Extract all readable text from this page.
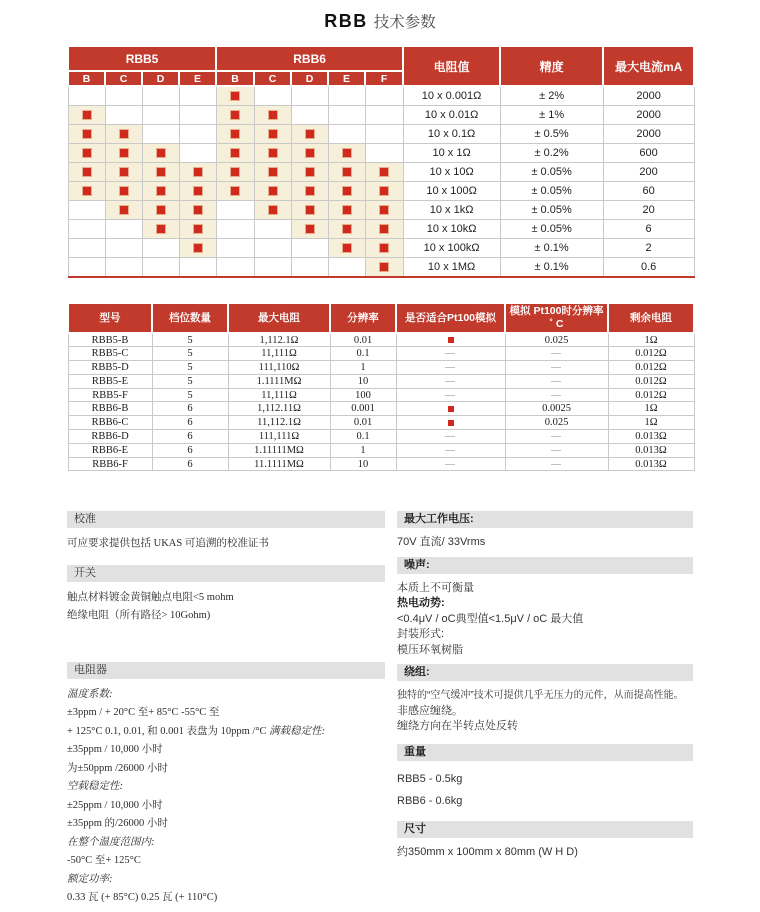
RBB 技术参数
RBB5				RBB6					电阻值	精度	最大电流mA
B	C	D	E	B	C	D	E	F			
									10 x 0.001Ω	± 2%	2000
									10 x 0.01Ω	± 1%	2000
									10 x 0.1Ω	± 0.5%	2000
									10 x 1Ω	± 0.2%	600
									10 x 10Ω	± 0.05%	200
									10 x 100Ω	± 0.05%	60
									10 x 1kΩ	± 0.05%	20
									10 x 10kΩ	± 0.05%	6
									10 x 100kΩ	± 0.1%	2
									10 x 1MΩ	± 0.1%	0.6
型号	档位数量	最大电阻	分辨率	是否适合Pt100模拟	模拟 Pt100时分辨率˚ C	剩余电阻
RBB5-B	5	1,112.1Ω	0.01		0.025	1Ω
RBB5-C	5	11,111Ω	0.1	—	—	0.012Ω
RBB5-D	5	111,110Ω	1	—	—	0.012Ω
RBB5-E	5	1.1111MΩ	10	—	—	0.012Ω
RBB5-F	5	11,111Ω	100	—	—	0.012Ω
RBB6-B	6	1,112.11Ω	0.001		0.0025	1Ω
RBB6-C	6	11,112.1Ω	0.01		0.025	1Ω
RBB6-D	6	111,111Ω	0.1	—	—	0.013Ω
RBB6-E	6	1.11111MΩ	1	—	—	0.013Ω
RBB6-F	6	11.1111MΩ	10	—	—	0.013Ω
校准

可应要求提供包括 UKAS 可追溯的校准证书

开关

触点材料镀金黄铜触点电阻<5 mohm

绝缘电阻（所有路径> 10Gohm)

电阻器

温度系数:

±3ppm / + 20°C 至+ 85°C -55°C 至

+ 125°C 0.1, 0.01, 和 0.001 表盘为 10ppm /°C 满载稳定性:

±35ppm / 10,000 小时

为±50ppm /26000 小时

空载稳定性:

±25ppm / 10,000 小时

±35ppm 的/26000 小时

在整个温度范围内:

-50°C 至+ 125°C

额定功率:

0.33 瓦 (+ 85°C) 0.25 瓦 (+ 110°C)

最大工作电压:

70V 直流/ 33Vrms

噪声:

本质上不可衡量

热电动势:

<0.4μV / oC典型值<1.5μV / oC 最大值

封装形式:

模压环氧树脂

绕组:

独特的“空气缓冲”技术可提供几乎无压力的元件，从而提高性能。

非感应缠绕。

缠绕方向在半转点处反转

重量

RBB5 - 0.5kg

RBB6 - 0.6kg

尺寸

约350mm x 100mm x 80mm (W H D)
